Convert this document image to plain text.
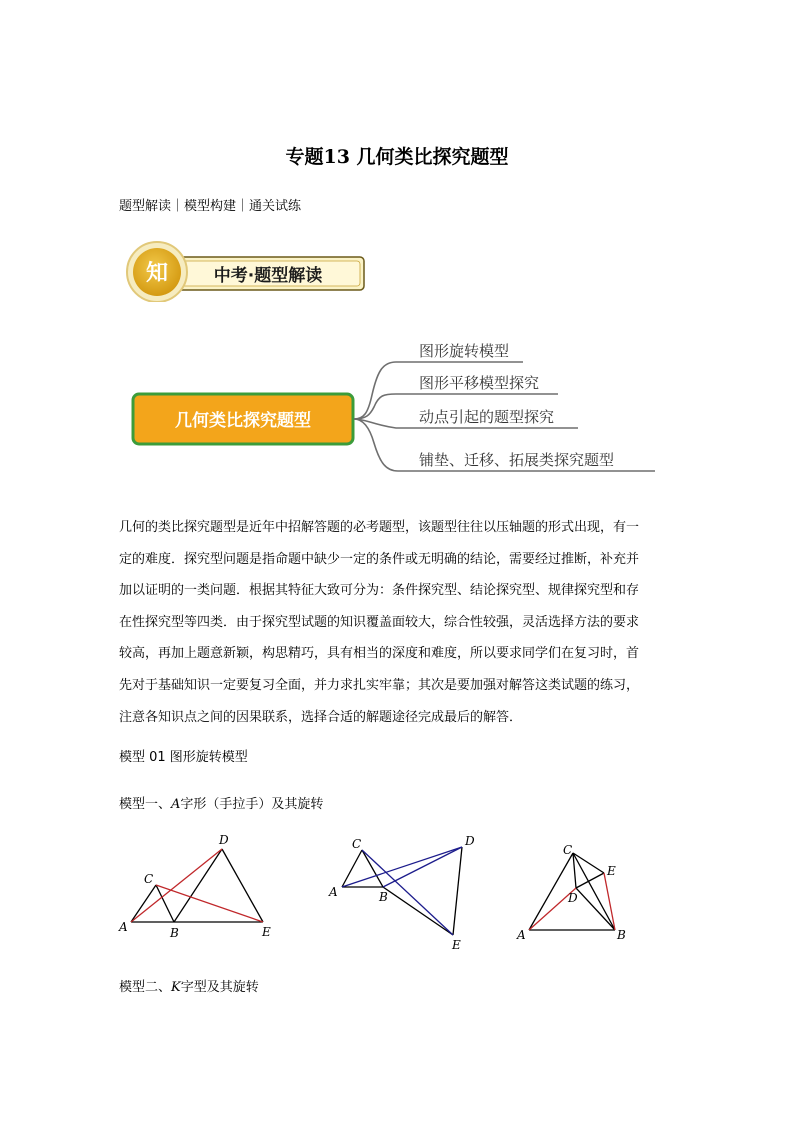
专题13 几何类比探究题型
题型解读｜模型构建｜通关试练
知	中考·题型解读
几何类比探究题型
图形旋转模型
图形平移模型探究
动点引起的题型探究
铺垫、迁移、拓展类探究题型

几何的类比探究题型是近年中招解答题的必考题型，该题型往往以压轴题的形式出现，有一

定的难度．探究型问题是指命题中缺少一定的条件或无明确的结论，需要经过推断，补充并

加以证明的一类问题．根据其特征大致可分为：条件探究型、结论探究型、规律探究型和存

在性探究型等四类．由于探究型试题的知识覆盖面较大，综合性较强，灵活选择方法的要求

较高，再加上题意新颖，构思精巧，具有相当的深度和难度，所以要求同学们在复习时，首

先对于基础知识一定要复习全面，并力求扎实牢靠；其次是要加强对解答这类试题的练习，

注意各知识点之间的因果联系，选择合适的解题途径完成最后的解答．

模型 01 图形旋转模型
模型一、A字形（手拉手）及其旋转
A	B
C
D
E
A	B
C	D
E
A	B
C
D
E
模型二、K字型及其旋转
